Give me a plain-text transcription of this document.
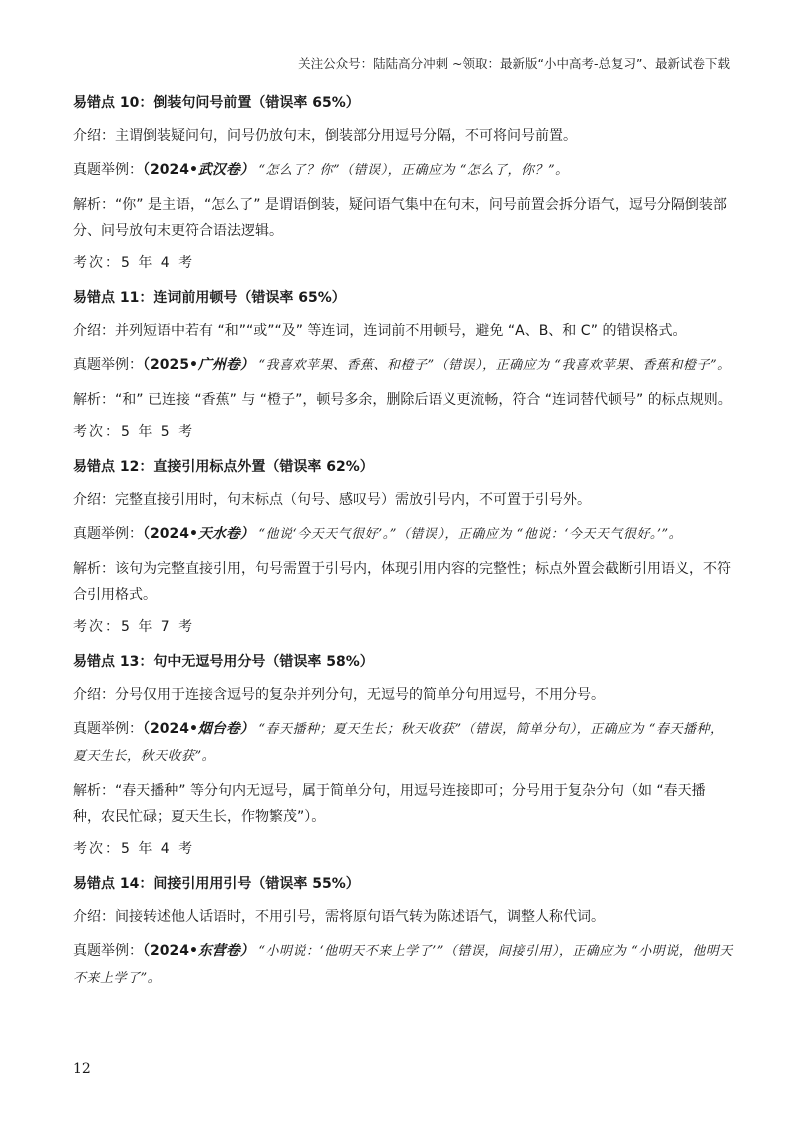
关注公众号：陆陆高分冲刺 ~领取：最新版“小中高考-总复习”、最新试卷下载
易错点 10：倒装句问号前置（错误率 65%）
介绍：主谓倒装疑问句，问号仍放句末，倒装部分用逗号分隔，不可将问号前置。
真题举例：（2024•武汉卷） “怎么了？你”（错误），正确应为 “怎么了，你？”。
解析：“你” 是主语，“怎么了” 是谓语倒装，疑问语气集中在句末，问号前置会拆分语气，逗号分隔倒装部分、问号放句末更符合语法逻辑。
考次：5 年 4 考
易错点 11：连词前用顿号（错误率 65%）
介绍：并列短语中若有 “和”“或”“及” 等连词，连词前不用顿号，避免 “A、B、和 C” 的错误格式。
真题举例：（2025•广州卷） “我喜欢苹果、香蕉、和橙子”（错误），正确应为 “我喜欢苹果、香蕉和橙子”。
解析：“和” 已连接 “香蕉” 与 “橙子”，顿号多余，删除后语义更流畅，符合 “连词替代顿号” 的标点规则。
考次：5 年 5 考
易错点 12：直接引用标点外置（错误率 62%）
介绍：完整直接引用时，句末标点（句号、感叹号）需放引号内，不可置于引号外。
真题举例：（2024•天水卷） “他说‘今天天气很好’。”（错误），正确应为 “他说：‘今天天气很好。’”。
解析：该句为完整直接引用，句号需置于引号内，体现引用内容的完整性；标点外置会截断引用语义，不符合引用格式。
考次：5 年 7 考
易错点 13：句中无逗号用分号（错误率 58%）
介绍：分号仅用于连接含逗号的复杂并列分句，无逗号的简单分句用逗号，不用分号。
真题举例：（2024•烟台卷） “春天播种；夏天生长；秋天收获”（错误，简单分句），正确应为 “春天播种，夏天生长，秋天收获”。
解析：“春天播种” 等分句内无逗号，属于简单分句，用逗号连接即可；分号用于复杂分句（如 “春天播种，农民忙碌；夏天生长，作物繁茂”）。
考次：5 年 4 考
易错点 14：间接引用用引号（错误率 55%）
介绍：间接转述他人话语时，不用引号，需将原句语气转为陈述语气，调整人称代词。
真题举例：（2024•东营卷） “小明说：‘他明天不来上学了’”（错误，间接引用），正确应为 “小明说，他明天不来上学了”。
12
